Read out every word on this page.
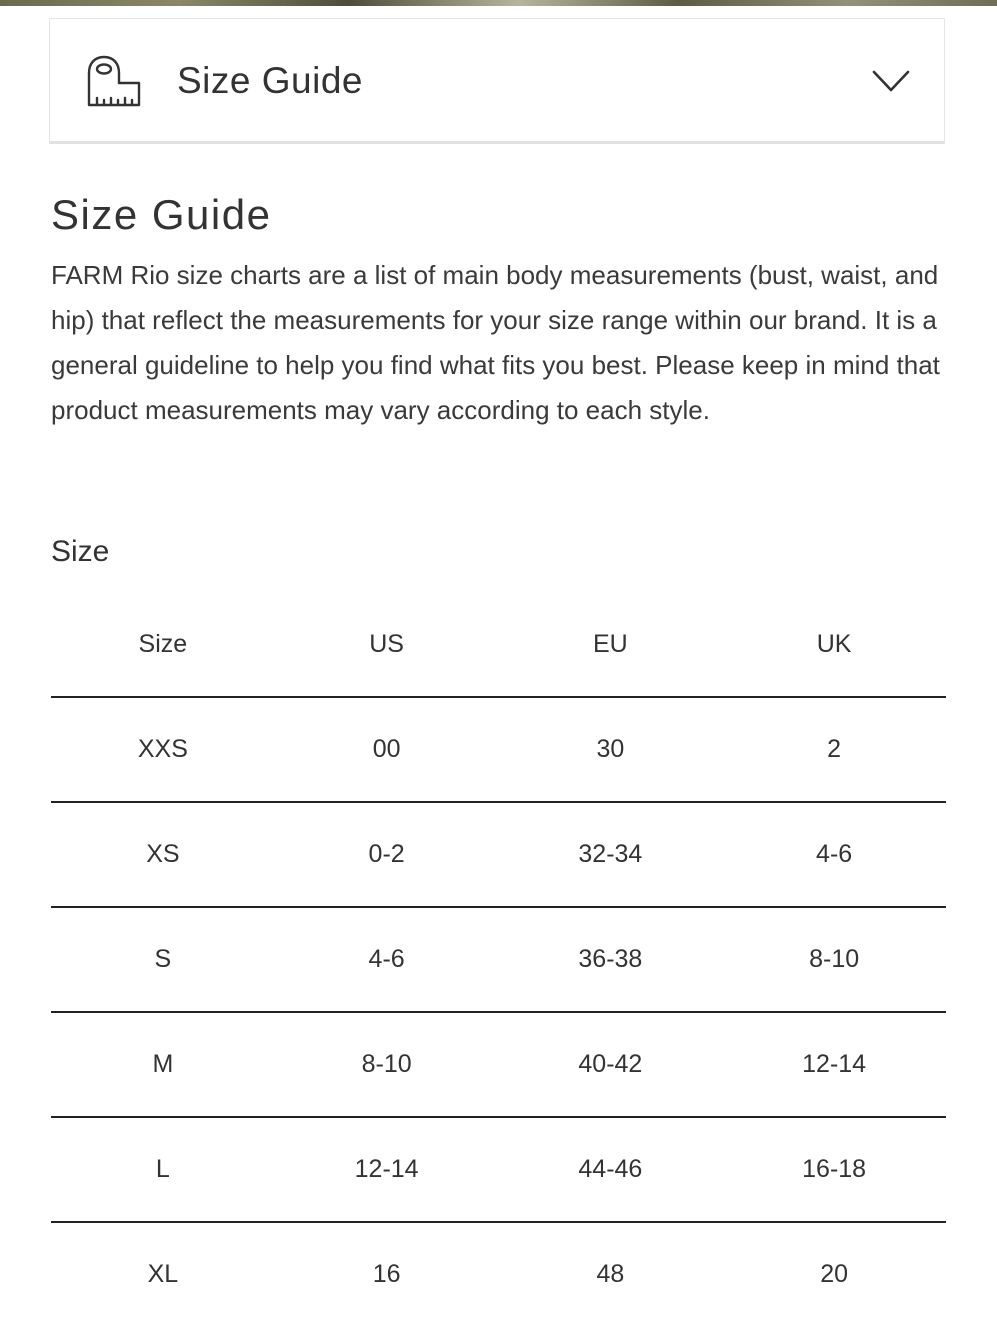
Size Guide
Size Guide

FARM Rio size charts are a list of main body measurements (bust, waist, and hip) that reflect the measurements for your size range within our brand. It is a general guideline to help you find what fits you best. Please keep in mind that product measurements may vary according to each style.

Size
Size	US	EU	UK
XXS	00	30	2
XS	0-2	32-34	4-6
S	4-6	36-38	8-10
M	8-10	40-42	12-14
L	12-14	44-46	16-18
XL	16	48	20
